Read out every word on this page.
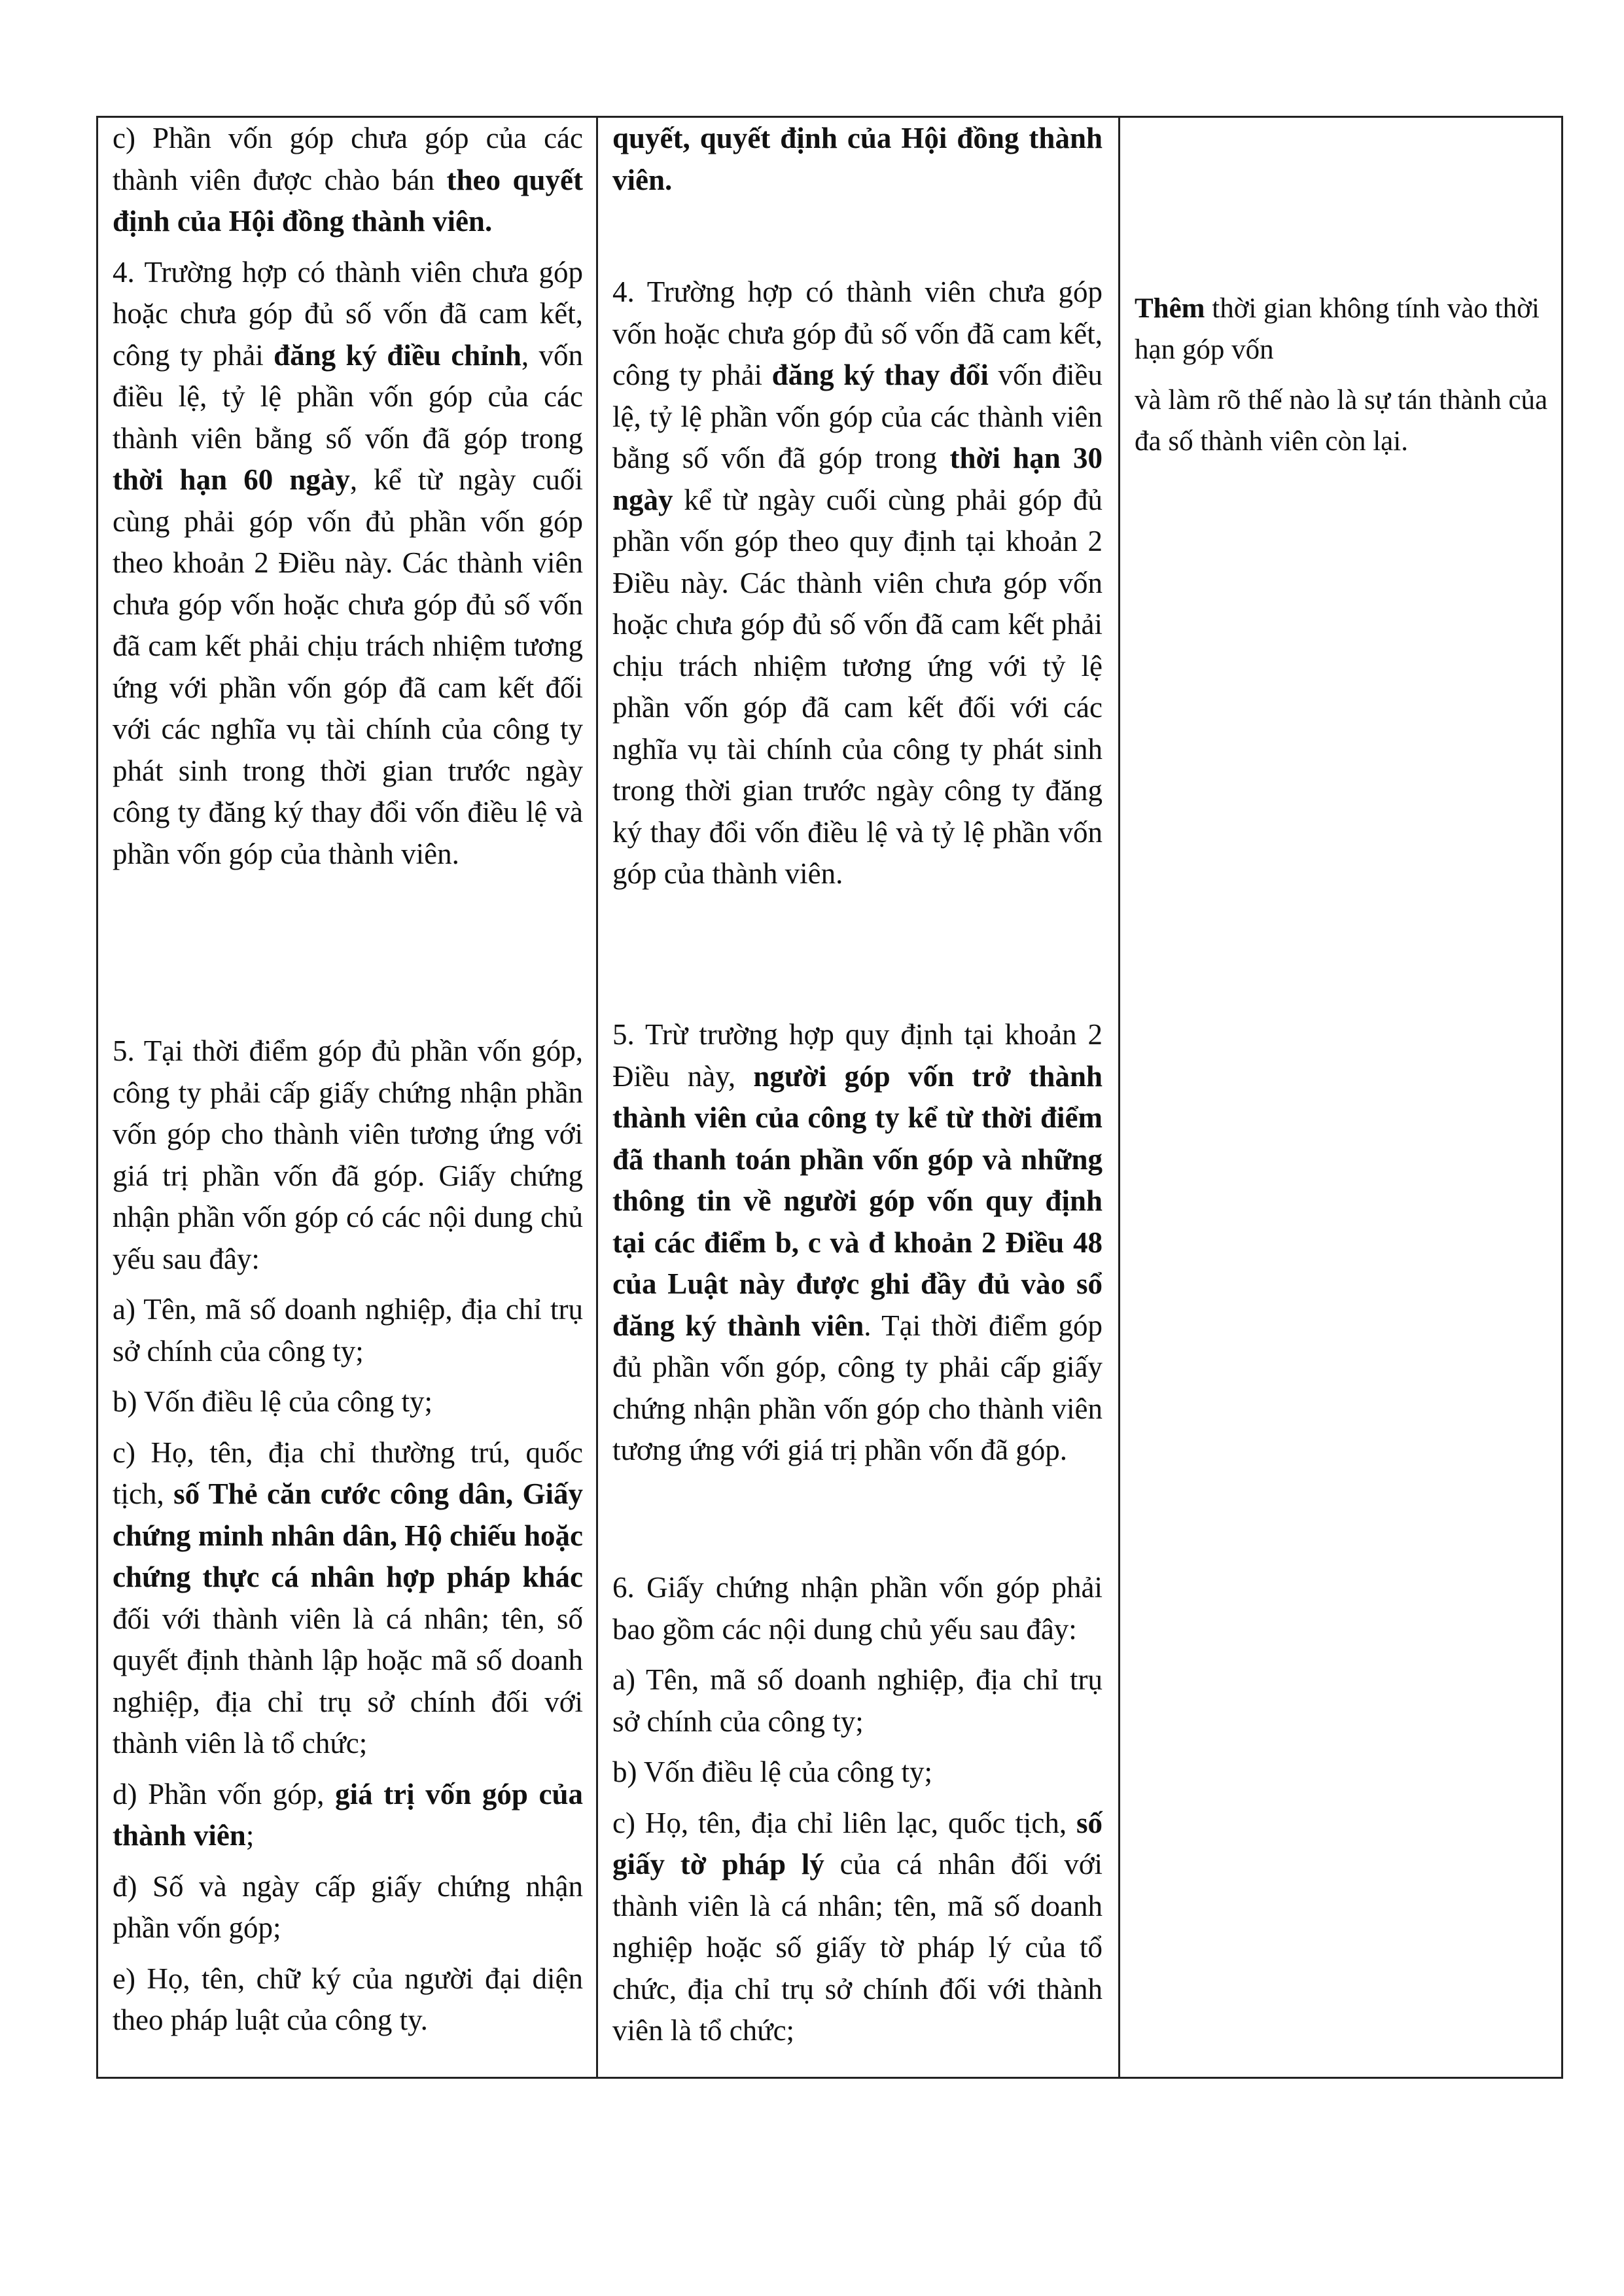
c) Phần vốn góp chưa góp của các thành viên được chào bán theo quyết định của Hội đồng thành viên.

4. Trường hợp có thành viên chưa góp hoặc chưa góp đủ số vốn đã cam kết, công ty phải đăng ký điều chỉnh, vốn điều lệ, tỷ lệ phần vốn góp của các thành viên bằng số vốn đã góp trong thời hạn 60 ngày, kể từ ngày cuối cùng phải góp vốn đủ phần vốn góp theo khoản 2 Điều này. Các thành viên chưa góp vốn hoặc chưa góp đủ số vốn đã cam kết phải chịu trách nhiệm tương ứng với phần vốn góp đã cam kết đối với các nghĩa vụ tài chính của công ty phát sinh trong thời gian trước ngày công ty đăng ký thay đổi vốn điều lệ và phần vốn góp của thành viên.

5. Tại thời điểm góp đủ phần vốn góp, công ty phải cấp giấy chứng nhận phần vốn góp cho thành viên tương ứng với giá trị phần vốn đã góp. Giấy chứng nhận phần vốn góp có các nội dung chủ yếu sau đây:

a) Tên, mã số doanh nghiệp, địa chỉ trụ sở chính của công ty;

b) Vốn điều lệ của công ty;

c) Họ, tên, địa chỉ thường trú, quốc tịch, số Thẻ căn cước công dân, Giấy chứng minh nhân dân, Hộ chiếu hoặc chứng thực cá nhân hợp pháp khác đối với thành viên là cá nhân; tên, số quyết định thành lập hoặc mã số doanh nghiệp, địa chỉ trụ sở chính đối với thành viên là tổ chức;

d) Phần vốn góp, giá trị vốn góp của thành viên;

đ) Số và ngày cấp giấy chứng nhận phần vốn góp;

e) Họ, tên, chữ ký của người đại diện theo pháp luật của công ty.

quyết, quyết định của Hội đồng thành viên.

4. Trường hợp có thành viên chưa góp vốn hoặc chưa góp đủ số vốn đã cam kết, công ty phải đăng ký thay đổi vốn điều lệ, tỷ lệ phần vốn góp của các thành viên bằng số vốn đã góp trong thời hạn 30 ngày kể từ ngày cuối cùng phải góp đủ phần vốn góp theo quy định tại khoản 2 Điều này. Các thành viên chưa góp vốn hoặc chưa góp đủ số vốn đã cam kết phải chịu trách nhiệm tương ứng với tỷ lệ phần vốn góp đã cam kết đối với các nghĩa vụ tài chính của công ty phát sinh trong thời gian trước ngày công ty đăng ký thay đổi vốn điều lệ và tỷ lệ phần vốn góp của thành viên.

5. Trừ trường hợp quy định tại khoản 2 Điều này, người góp vốn trở thành thành viên của công ty kể từ thời điểm đã thanh toán phần vốn góp và những thông tin về người góp vốn quy định tại các điểm b, c và đ khoản 2 Điều 48 của Luật này được ghi đầy đủ vào sổ đăng ký thành viên. Tại thời điểm góp đủ phần vốn góp, công ty phải cấp giấy chứng nhận phần vốn góp cho thành viên tương ứng với giá trị phần vốn đã góp.

6. Giấy chứng nhận phần vốn góp phải bao gồm các nội dung chủ yếu sau đây:

a) Tên, mã số doanh nghiệp, địa chỉ trụ sở chính của công ty;

b) Vốn điều lệ của công ty;

c) Họ, tên, địa chỉ liên lạc, quốc tịch, số giấy tờ pháp lý của cá nhân đối với thành viên là cá nhân; tên, mã số doanh nghiệp hoặc số giấy tờ pháp lý của tổ chức, địa chỉ trụ sở chính đối với thành viên là tổ chức;

Thêm thời gian không tính vào thời hạn góp vốn

và làm rõ thế nào là sự tán thành của đa số thành viên còn lại.
